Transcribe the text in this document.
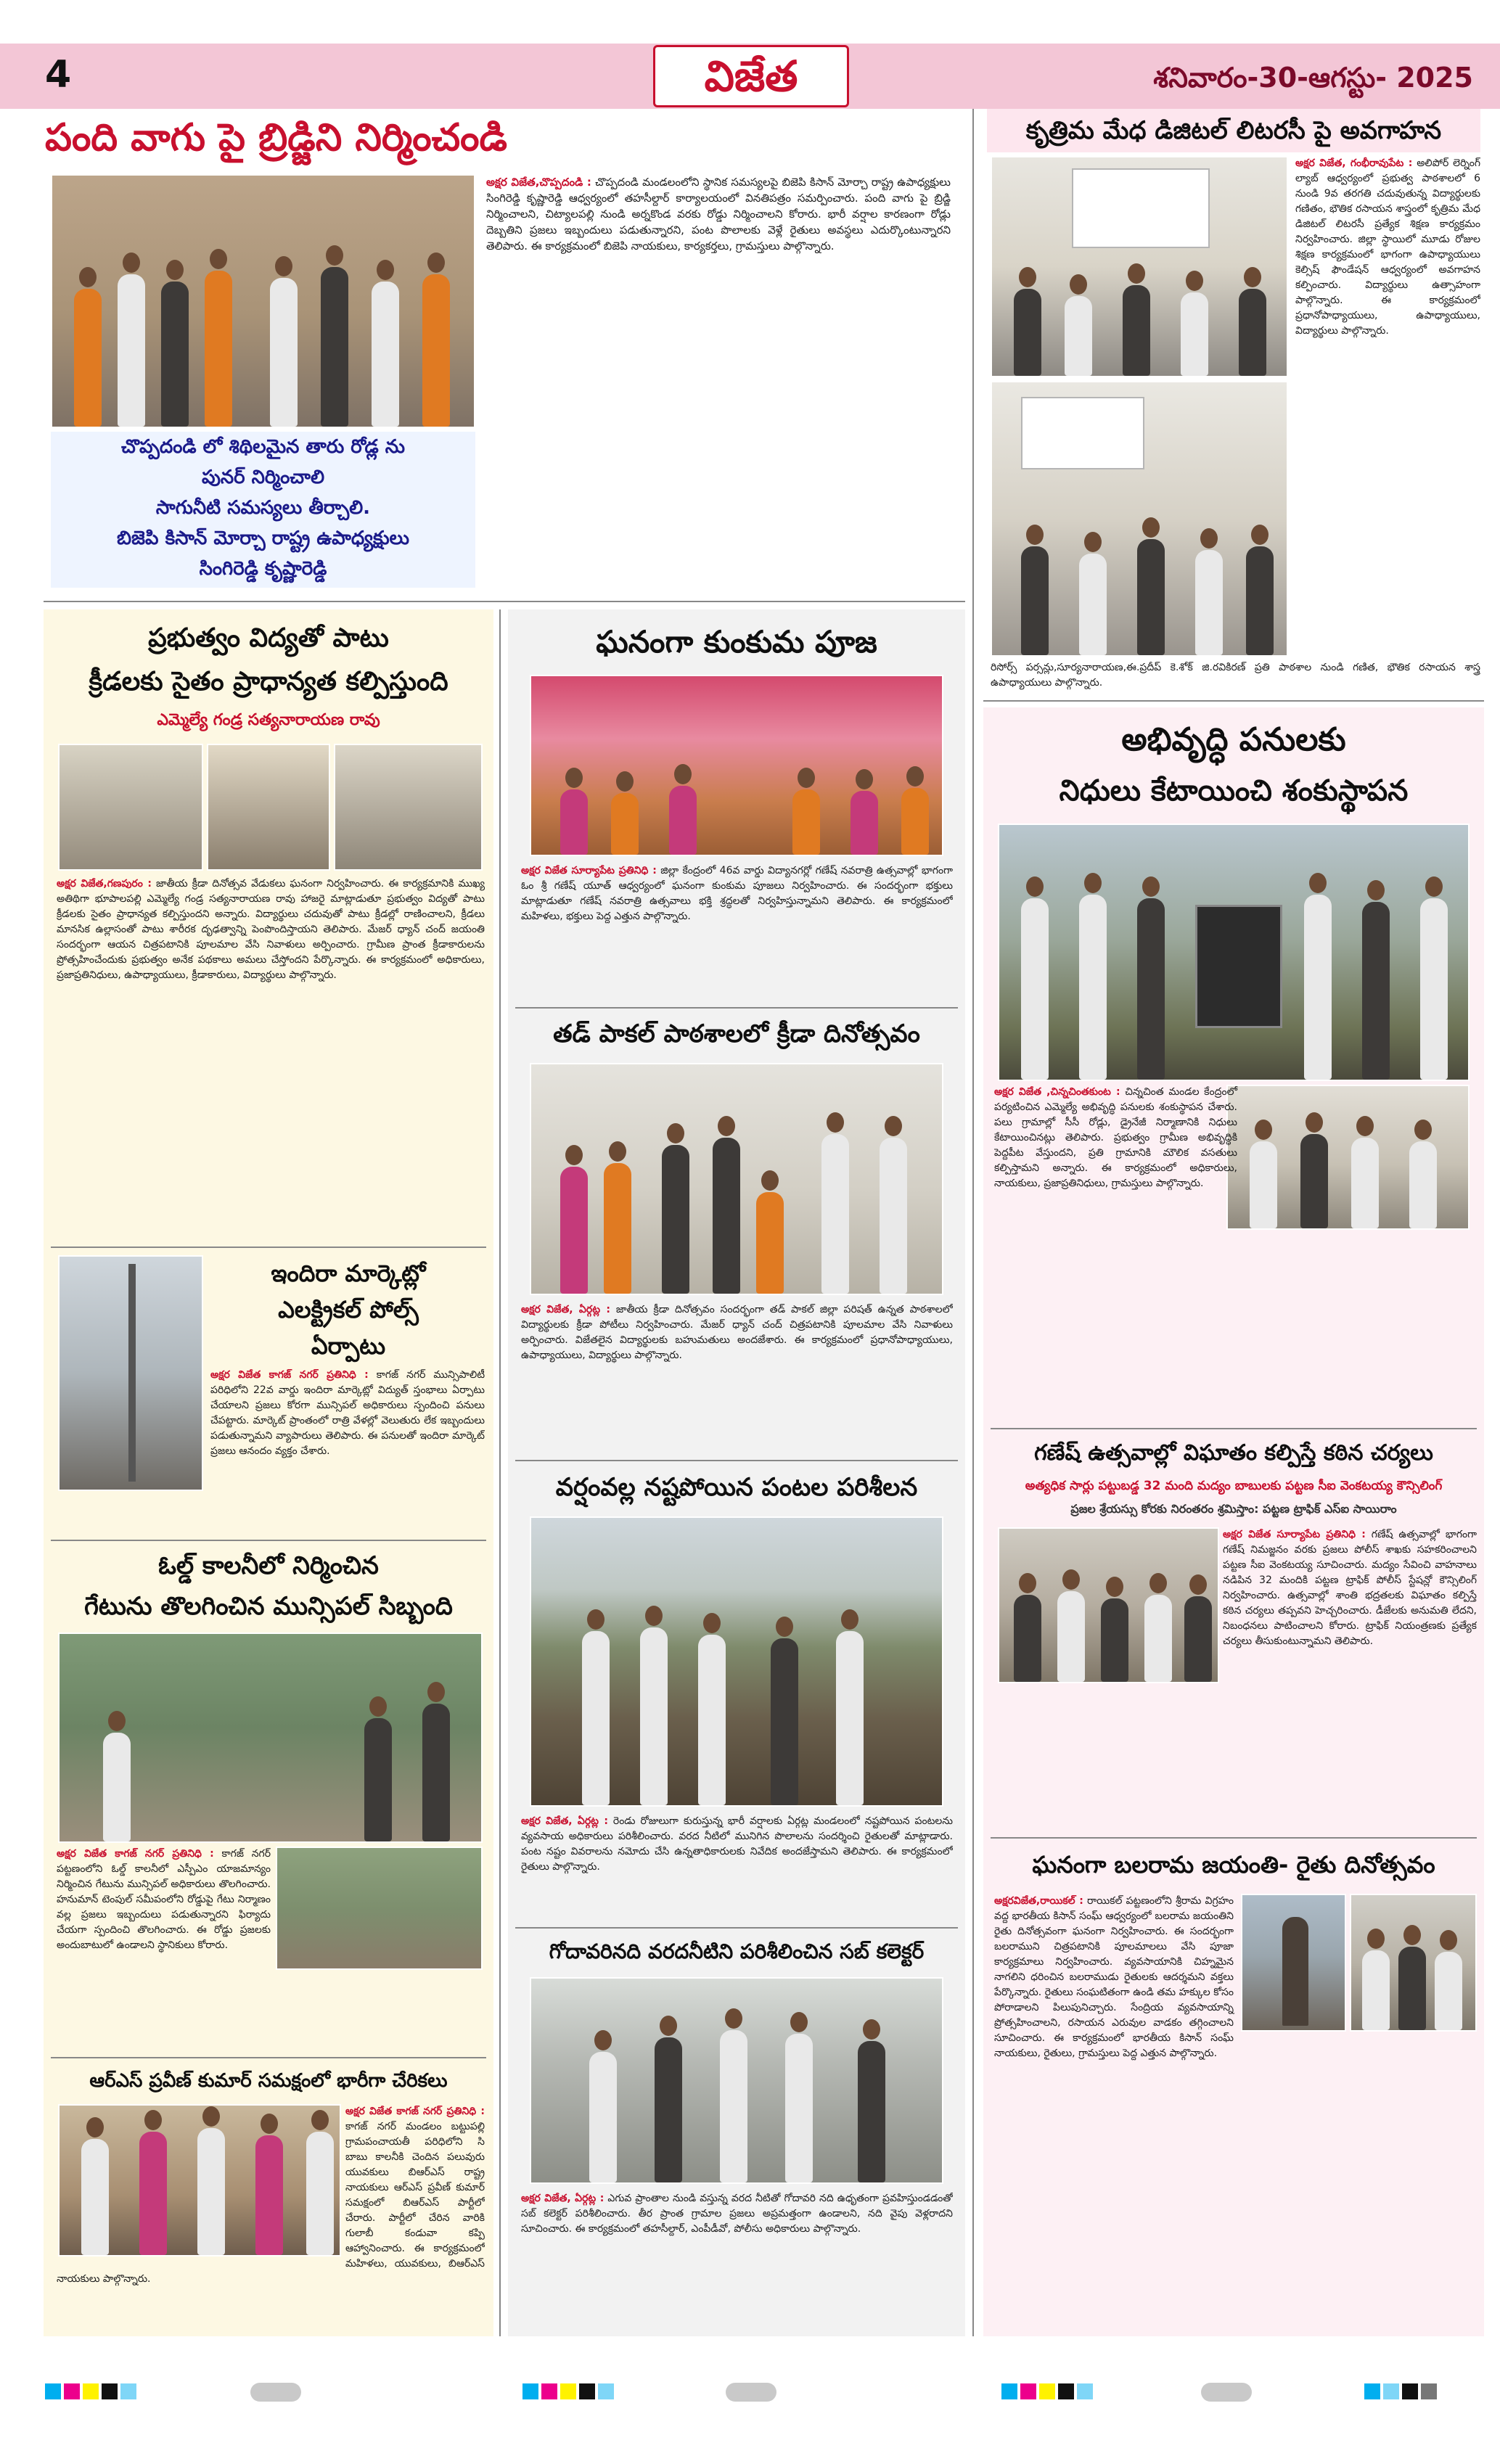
4	విజేత	శనివారం-30-ఆగస్టు- 2025
పంది వాగు పై బ్రిడ్జిని నిర్మించండి
అక్షర విజేత,చొప్పదండి : చొప్పదండి మండలంలోని స్థానిక సమస్యలపై బిజెపి కిసాన్ మోర్చా రాష్ట్ర ఉపాధ్యక్షులు సింగిరెడ్డి కృష్ణారెడ్డి ఆధ్వర్యంలో తహసీల్దార్ కార్యాలయంలో వినతిపత్రం సమర్పించారు. పంది వాగు పై బ్రిడ్జి నిర్మించాలని, చిట్యాలపల్లి నుండి అర్నకొండ వరకు రోడ్డు నిర్మించాలని కోరారు. భారీ వర్షాల కారణంగా రోడ్లు దెబ్బతిని ప్రజలు ఇబ్బందులు పడుతున్నారని, పంట పొలాలకు వెళ్లే రైతులు అవస్థలు ఎదుర్కొంటున్నారని తెలిపారు. ఈ కార్యక్రమంలో బిజెపి నాయకులు, కార్యకర్తలు, గ్రామస్తులు పాల్గొన్నారు.
చొప్పదండి లో శిథిలమైన తారు రోడ్ల ను
పునర్ నిర్మించాలి
సాగునీటి సమస్యలు తీర్చాలి.
బిజెపి కిసాన్ మోర్చా రాష్ట్ర ఉపాధ్యక్షులు
సింగిరెడ్డి కృష్ణారెడ్డి
కృత్రిమ మేధ డిజిటల్ లిటరసీ పై అవగాహన
అక్షర విజేత, గంభీరావుపేట : అలిపోర్ లెర్నింగ్ ల్యాబ్ ఆధ్వర్యంలో ప్రభుత్వ పాఠశాలలో 6 నుండి 9వ తరగతి చదువుతున్న విద్యార్థులకు గణితం, భౌతిక రసాయన శాస్త్రంలో కృత్రిమ మేధ డిజిటల్ లిటరసీ ప్రత్యేక శిక్షణ కార్యక్రమం నిర్వహించారు. జిల్లా స్థాయిలో మూడు రోజుల శిక్షణ కార్యక్రమంలో భాగంగా ఉపాధ్యాయులు కెల్సిష్ ఫౌండేషన్ ఆధ్వర్యంలో అవగాహన కల్పించారు. విద్యార్థులు ఉత్సాహంగా పాల్గొన్నారు. ఈ కార్యక్రమంలో ప్రధానోపాధ్యాయులు, ఉపాధ్యాయులు, విద్యార్థులు పాల్గొన్నారు.
రిసోర్స్ పర్సన్లు,సూర్యనారాయణ,ఈ.ప్రదీప్ కె.శోక్ జి.రవికిరణ్ ప్రతి పాఠశాల నుండి గణిత, భౌతిక రసాయన శాస్త్ర ఉపాధ్యాయులు పాల్గొన్నారు.
ప్రభుత్వం విద్యతో పాటు
క్రీడలకు సైతం ప్రాధాన్యత కల్పిస్తుంది
ఎమ్మెల్యే గండ్ర సత్యనారాయణ రావు
అక్షర విజేత,గణపురం : జాతీయ క్రీడా దినోత్సవ వేడుకలు ఘనంగా నిర్వహించారు. ఈ కార్యక్రమానికి ముఖ్య అతిథిగా భూపాలపల్లి ఎమ్మెల్యే గండ్ర సత్యనారాయణ రావు హాజరై మాట్లాడుతూ ప్రభుత్వం విద్యతో పాటు క్రీడలకు సైతం ప్రాధాన్యత కల్పిస్తుందని అన్నారు. విద్యార్థులు చదువుతో పాటు క్రీడల్లో రాణించాలని, క్రీడలు మానసిక ఉల్లాసంతో పాటు శారీరక దృఢత్వాన్ని పెంపొందిస్తాయని తెలిపారు. మేజర్ ధ్యాన్ చంద్ జయంతి సందర్భంగా ఆయన చిత్రపటానికి పూలమాల వేసి నివాళులు అర్పించారు. గ్రామీణ ప్రాంత క్రీడాకారులను ప్రోత్సహించేందుకు ప్రభుత్వం అనేక పథకాలు అమలు చేస్తోందని పేర్కొన్నారు. ఈ కార్యక్రమంలో అధికారులు, ప్రజాప్రతినిధులు, ఉపాధ్యాయులు, క్రీడాకారులు, విద్యార్థులు పాల్గొన్నారు.
ఇందిరా మార్కెట్లో
ఎలక్ట్రికల్ పోల్స్
ఏర్పాటు
అక్షర విజేత కాగజ్ నగర్ ప్రతినిధి : కాగజ్ నగర్ మున్సిపాలిటీ పరిధిలోని 22వ వార్డు ఇందిరా మార్కెట్లో విద్యుత్ స్తంభాలు ఏర్పాటు చేయాలని ప్రజలు కోరగా మున్సిపల్ అధికారులు స్పందించి పనులు చేపట్టారు. మార్కెట్ ప్రాంతంలో రాత్రి వేళల్లో వెలుతురు లేక ఇబ్బందులు పడుతున్నామని వ్యాపారులు తెలిపారు. ఈ పనులతో ఇందిరా మార్కెట్ ప్రజలు ఆనందం వ్యక్తం చేశారు.
ఓల్డ్ కాలనీలో నిర్మించిన
గేటును తొలగించిన మున్సిపల్ సిబ్బంది
అక్షర విజేత కాగజ్ నగర్ ప్రతినిధి : కాగజ్ నగర్ పట్టణంలోని ఓల్డ్ కాలనీలో ఎస్పీఎం యాజమాన్యం నిర్మించిన గేటును మున్సిపల్ అధికారులు తొలగించారు. హనుమాన్ టెంపుల్ సమీపంలోని రోడ్డుపై గేటు నిర్మాణం వల్ల ప్రజలు ఇబ్బందులు పడుతున్నారని ఫిర్యాదు చేయగా స్పందించి తొలగించారు. ఈ రోడ్డు ప్రజలకు అందుబాటులో ఉండాలని స్థానికులు కోరారు.
ఆర్ఎస్ ప్రవీణ్ కుమార్ సమక్షంలో భారీగా చేరికలు
అక్షర విజేత కాగజ్ నగర్ ప్రతినిధి : కాగజ్ నగర్ మండలం బట్టుపల్లి గ్రామపంచాయతీ పరిధిలోని సి బాబు కాలనీకి చెందిన పలువురు యువకులు బిఆర్ఎస్ రాష్ట్ర నాయకులు ఆర్ఎస్ ప్రవీణ్ కుమార్ సమక్షంలో బిఆర్ఎస్ పార్టీలో చేరారు. పార్టీలో చేరిన వారికి గులాబీ కండువా కప్పి ఆహ్వానించారు. ఈ కార్యక్రమంలో మహిళలు, యువకులు, బిఆర్ఎస్ నాయకులు పాల్గొన్నారు.
ఘనంగా కుంకుమ పూజ
అక్షర విజేత సూర్యాపేట ప్రతినిధి : జిల్లా కేంద్రంలో 46వ వార్డు విద్యానగర్లో గణేష్ నవరాత్రి ఉత్సవాల్లో భాగంగా ఓం శ్రీ గణేష్ యూత్ ఆధ్వర్యంలో ఘనంగా కుంకుమ పూజలు నిర్వహించారు. ఈ సందర్భంగా భక్తులు మాట్లాడుతూ గణేష్ నవరాత్రి ఉత్సవాలు భక్తి శ్రద్ధలతో నిర్వహిస్తున్నామని తెలిపారు. ఈ కార్యక్రమంలో మహిళలు, భక్తులు పెద్ద ఎత్తున పాల్గొన్నారు.
తడ్ పాకల్ పాఠశాలలో క్రీడా దినోత్సవం
అక్షర విజేత, ఏర్గట్ల : జాతీయ క్రీడా దినోత్సవం సందర్భంగా తడ్ పాకల్ జిల్లా పరిషత్ ఉన్నత పాఠశాలలో విద్యార్థులకు క్రీడా పోటీలు నిర్వహించారు. మేజర్ ధ్యాన్ చంద్ చిత్రపటానికి పూలమాల వేసి నివాళులు అర్పించారు. విజేతలైన విద్యార్థులకు బహుమతులు అందజేశారు. ఈ కార్యక్రమంలో ప్రధానోపాధ్యాయులు, ఉపాధ్యాయులు, విద్యార్థులు పాల్గొన్నారు.
వర్షంవల్ల నష్టపోయిన పంటల పరిశీలన
అక్షర విజేత, ఏర్గట్ల : రెండు రోజులుగా కురుస్తున్న భారీ వర్షాలకు ఏర్గట్ల మండలంలో నష్టపోయిన పంటలను వ్యవసాయ అధికారులు పరిశీలించారు. వరద నీటిలో మునిగిన పొలాలను సందర్శించి రైతులతో మాట్లాడారు. పంట నష్టం వివరాలను నమోదు చేసి ఉన్నతాధికారులకు నివేదిక అందజేస్తామని తెలిపారు. ఈ కార్యక్రమంలో రైతులు పాల్గొన్నారు.
గోదావరినది వరదనీటిని పరిశీలించిన సబ్ కలెక్టర్
అక్షర విజేత, ఏర్గట్ల : ఎగువ ప్రాంతాల నుండి వస్తున్న వరద నీటితో గోదావరి నది ఉధృతంగా ప్రవహిస్తుండడంతో సబ్ కలెక్టర్ పరిశీలించారు. తీర ప్రాంత గ్రామాల ప్రజలు అప్రమత్తంగా ఉండాలని, నది వైపు వెళ్లరాదని సూచించారు. ఈ కార్యక్రమంలో తహసీల్దార్, ఎంపీడీవో, పోలీసు అధికారులు పాల్గొన్నారు.
అభివృద్ధి పనులకు
నిధులు కేటాయించి శంకుస్థాపన
అక్షర విజేత ,చిన్నచింతకుంట : చిన్నచింత మండల కేంద్రంలో పర్యటించిన ఎమ్మెల్యే అభివృద్ధి పనులకు శంకుస్థాపన చేశారు. పలు గ్రామాల్లో సీసీ రోడ్లు, డ్రైనేజీ నిర్మాణానికి నిధులు కేటాయించినట్లు తెలిపారు. ప్రభుత్వం గ్రామీణ అభివృద్ధికి పెద్దపీట వేస్తుందని, ప్రతి గ్రామానికి మౌలిక వసతులు కల్పిస్తామని అన్నారు. ఈ కార్యక్రమంలో అధికారులు, నాయకులు, ప్రజాప్రతినిధులు, గ్రామస్తులు పాల్గొన్నారు.
గణేష్ ఉత్సవాల్లో విఘాతం కల్పిస్తే కఠిన చర్యలు
అత్యధిక సార్లు పట్టుబడ్డ 32 మంది మద్యం బాబులకు పట్టణ సీఐ వెంకటయ్య కౌన్సిలింగ్
ప్రజల శ్రేయస్సు కోరకు నిరంతరం శ్రమిస్తాం: పట్టణ ట్రాఫిక్ ఎస్ఐ సాయిరాం
అక్షర విజేత సూర్యాపేట ప్రతినిధి : గణేష్ ఉత్సవాల్లో భాగంగా గణేష్ నిమజ్జనం వరకు ప్రజలు పోలీస్ శాఖకు సహకరించాలని పట్టణ సీఐ వెంకటయ్య సూచించారు. మద్యం సేవించి వాహనాలు నడిపిన 32 మందికి పట్టణ ట్రాఫిక్ పోలీస్ స్టేషన్లో కౌన్సిలింగ్ నిర్వహించారు. ఉత్సవాల్లో శాంతి భద్రతలకు విఘాతం కల్పిస్తే కఠిన చర్యలు తప్పవని హెచ్చరించారు. డీజేలకు అనుమతి లేదని, నిబంధనలు పాటించాలని కోరారు. ట్రాఫిక్ నియంత్రణకు ప్రత్యేక చర్యలు తీసుకుంటున్నామని తెలిపారు.
ఘనంగా బలరామ జయంతి- రైతు దినోత్సవం
అక్షరవిజేత,రాయికల్ : రాయికల్ పట్టణంలోని శ్రీరామ విగ్రహం వద్ద భారతీయ కిసాన్ సంఘ్ ఆధ్వర్యంలో బలరామ జయంతిని రైతు దినోత్సవంగా ఘనంగా నిర్వహించారు. ఈ సందర్భంగా బలరాముని చిత్రపటానికి పూలమాలలు వేసి పూజా కార్యక్రమాలు నిర్వహించారు. వ్యవసాయానికి చిహ్నమైన నాగలిని ధరించిన బలరాముడు రైతులకు ఆదర్శమని వక్తలు పేర్కొన్నారు. రైతులు సంఘటితంగా ఉండి తమ హక్కుల కోసం పోరాడాలని పిలుపునిచ్చారు. సేంద్రియ వ్యవసాయాన్ని ప్రోత్సహించాలని, రసాయన ఎరువుల వాడకం తగ్గించాలని సూచించారు. ఈ కార్యక్రమంలో భారతీయ కిసాన్ సంఘ్ నాయకులు, రైతులు, గ్రామస్తులు పెద్ద ఎత్తున పాల్గొన్నారు.
